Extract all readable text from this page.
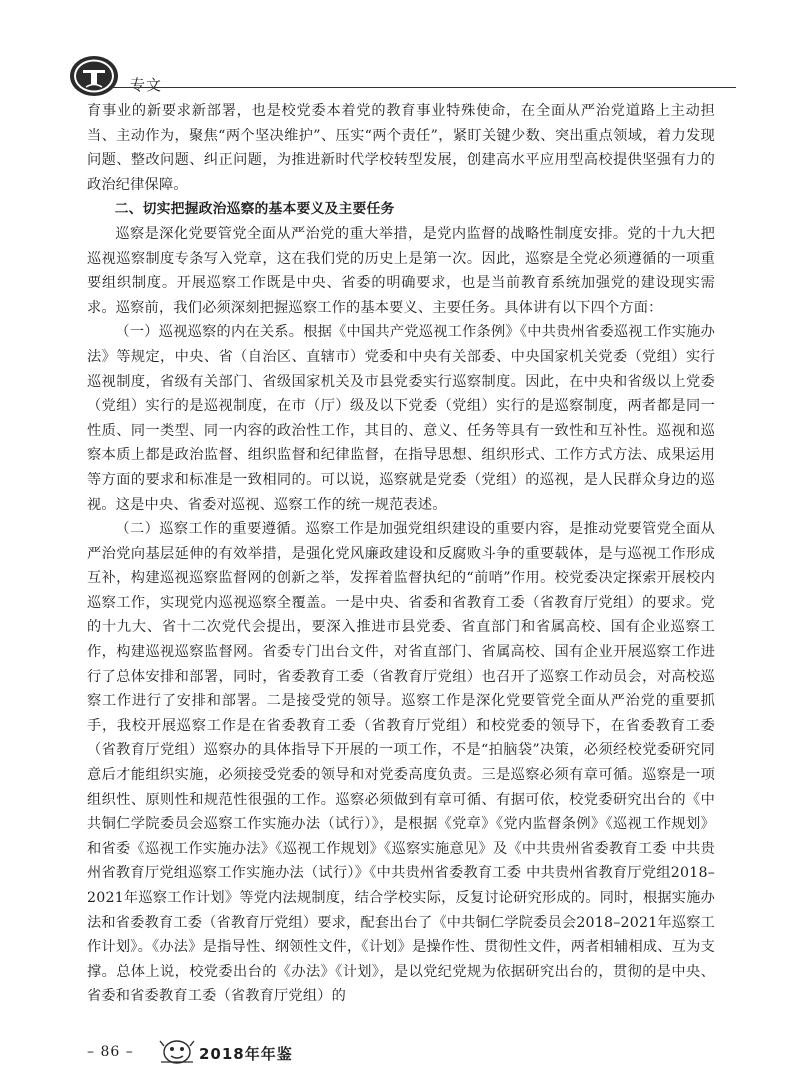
专文

育事业的新要求新部署，也是校党委本着党的教育事业特殊使命，在全面从严治党道路上主动担当、主动作为，聚焦“两个坚决维护”、压实“两个责任”，紧盯关键少数、突出重点领域，着力发现问题、整改问题、纠正问题，为推进新时代学校转型发展，创建高水平应用型高校提供坚强有力的政治纪律保障。

二、切实把握政治巡察的基本要义及主要任务

巡察是深化党要管党全面从严治党的重大举措，是党内监督的战略性制度安排。党的十九大把巡视巡察制度专条写入党章，这在我们党的历史上是第一次。因此，巡察是全党必须遵循的一项重要组织制度。开展巡察工作既是中央、省委的明确要求，也是当前教育系统加强党的建设现实需求。巡察前，我们必须深刻把握巡察工作的基本要义、主要任务。具体讲有以下四个方面：

（一）巡视巡察的内在关系。根据《中国共产党巡视工作条例》《中共贵州省委巡视工作实施办法》等规定，中央、省（自治区、直辖市）党委和中央有关部委、中央国家机关党委（党组）实行巡视制度，省级有关部门、省级国家机关及市县党委实行巡察制度。因此，在中央和省级以上党委（党组）实行的是巡视制度，在市（厅）级及以下党委（党组）实行的是巡察制度，两者都是同一性质、同一类型、同一内容的政治性工作，其目的、意义、任务等具有一致性和互补性。巡视和巡察本质上都是政治监督、组织监督和纪律监督，在指导思想、组织形式、工作方式方法、成果运用等方面的要求和标准是一致相同的。可以说，巡察就是党委（党组）的巡视，是人民群众身边的巡视。这是中央、省委对巡视、巡察工作的统一规范表述。

（二）巡察工作的重要遵循。巡察工作是加强党组织建设的重要内容，是推动党要管党全面从严治党向基层延伸的有效举措，是强化党风廉政建设和反腐败斗争的重要载体，是与巡视工作形成互补，构建巡视巡察监督网的创新之举，发挥着监督执纪的“前哨”作用。校党委决定探索开展校内巡察工作，实现党内巡视巡察全覆盖。一是中央、省委和省教育工委（省教育厅党组）的要求。党的十九大、省十二次党代会提出，要深入推进市县党委、省直部门和省属高校、国有企业巡察工作，构建巡视巡察监督网。省委专门出台文件，对省直部门、省属高校、国有企业开展巡察工作进行了总体安排和部署，同时，省委教育工委（省教育厅党组）也召开了巡察工作动员会，对高校巡察工作进行了安排和部署。二是接受党的领导。巡察工作是深化党要管党全面从严治党的重要抓手，我校开展巡察工作是在省委教育工委（省教育厅党组）和校党委的领导下，在省委教育工委（省教育厅党组）巡察办的具体指导下开展的一项工作，不是“拍脑袋”决策，必须经校党委研究同意后才能组织实施，必须接受党委的领导和对党委高度负责。三是巡察必须有章可循。巡察是一项组织性、原则性和规范性很强的工作。巡察必须做到有章可循、有据可依，校党委研究出台的《中共铜仁学院委员会巡察工作实施办法（试行）》，是根据《党章》《党内监督条例》《巡视工作规划》和省委《巡视工作实施办法》《巡视工作规划》《巡察实施意见》及《中共贵州省委教育工委 中共贵州省教育厅党组巡察工作实施办法（试行）》《中共贵州省委教育工委 中共贵州省教育厅党组2018–2021年巡察工作计划》等党内法规制度，结合学校实际，反复讨论研究形成的。同时，根据实施办法和省委教育工委（省教育厅党组）要求，配套出台了《中共铜仁学院委员会2018–2021年巡察工作计划》。《办法》是指导性、纲领性文件，《计划》是操作性、贯彻性文件，两者相辅相成、互为支撑。总体上说，校党委出台的《办法》《计划》，是以党纪党规为依据研究出台的，贯彻的是中央、省委和省委教育工委（省教育厅党组）的

– 86 –	2018年年鉴
